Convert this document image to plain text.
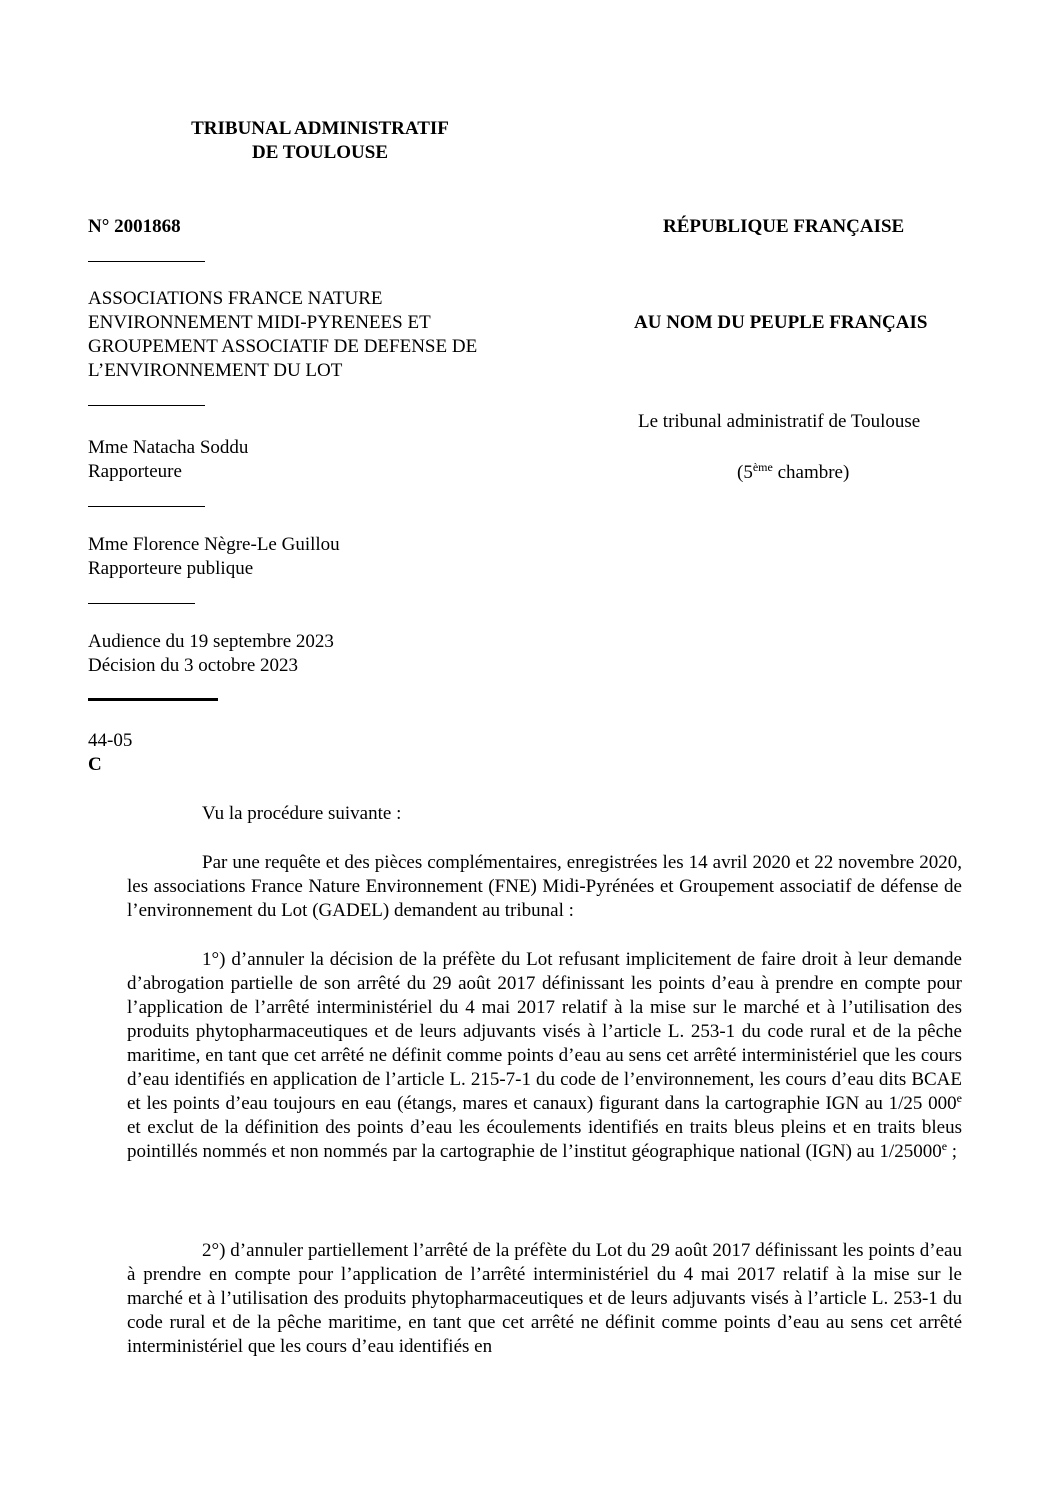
TRIBUNAL ADMINISTRATIF
DE TOULOUSE
N° 2001868	RÉPUBLIQUE FRANÇAISE
ASSOCIATIONS FRANCE NATURE
ENVIRONNEMENT MIDI-PYRENEES ET
GROUPEMENT ASSOCIATIF DE DEFENSE DE
L’ENVIRONNEMENT DU LOT
AU NOM DU PEUPLE FRANÇAIS
Le tribunal administratif de Toulouse
Mme Natacha Soddu
Rapporteure	(5ème chambre)
Mme Florence Nègre-Le Guillou
Rapporteure publique
Audience du 19 septembre 2023
Décision du 3 octobre 2023
44-05
C
Vu la procédure suivante :

Par une requête et des pièces complémentaires, enregistrées les 14 avril 2020 et 22 novembre 2020, les associations France Nature Environnement (FNE) Midi-Pyrénées et Groupement associatif de défense de l’environnement du Lot (GADEL) demandent au tribunal :

1°) d’annuler la décision de la préfète du Lot refusant implicitement de faire droit à leur demande d’abrogation partielle de son arrêté du 29 août 2017 définissant les points d’eau à prendre en compte pour l’application de l’arrêté interministériel du 4 mai 2017 relatif à la mise sur le marché et à l’utilisation des produits phytopharmaceutiques et de leurs adjuvants visés à l’article L. 253-1 du code rural et de la pêche maritime, en tant que cet arrêté ne définit comme points d’eau au sens cet arrêté interministériel que les cours d’eau identifiés en application de l’article L. 215-7-1 du code de l’environnement, les cours d’eau dits BCAE et les points d’eau toujours en eau (étangs, mares et canaux) figurant dans la cartographie IGN au 1/25 000e et exclut de la définition des points d’eau les écoulements identifiés en traits bleus pleins et en traits bleus pointillés nommés et non nommés par la cartographie de l’institut géographique national (IGN) au 1/25000e ;

2°) d’annuler partiellement l’arrêté de la préfète du Lot du 29 août 2017 définissant les points d’eau à prendre en compte pour l’application de l’arrêté interministériel du 4 mai 2017 relatif à la mise sur le marché et à l’utilisation des produits phytopharmaceutiques et de leurs adjuvants visés à l’article L. 253-1 du code rural et de la pêche maritime, en tant que cet arrêté ne définit comme points d’eau au sens cet arrêté interministériel que les cours d’eau identifiés en
